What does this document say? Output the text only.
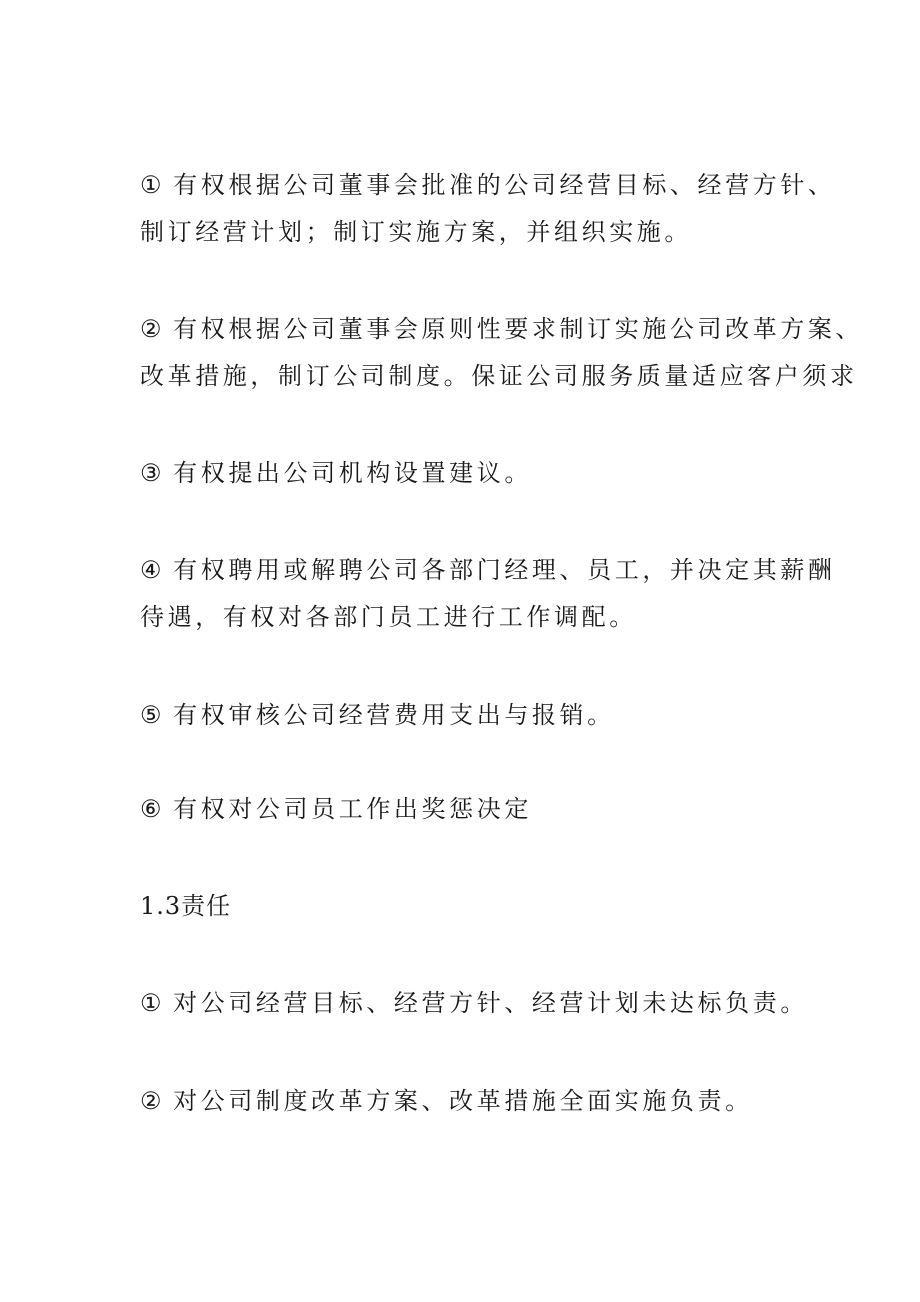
① 有权根据公司董事会批准的公司经营目标、经营方针、
制订经营计划；制订实施方案，并组织实施。

② 有权根据公司董事会原则性要求制订实施公司改革方案、
改革措施，制订公司制度。保证公司服务质量适应客户须求

③ 有权提出公司机构设置建议。

④ 有权聘用或解聘公司各部门经理、员工，并决定其薪酬
待遇，有权对各部门员工进行工作调配。

⑤ 有权审核公司经营费用支出与报销。

⑥ 有权对公司员工作出奖惩决定

1.3责任

① 对公司经营目标、经营方针、经营计划未达标负责。

② 对公司制度改革方案、改革措施全面实施负责。
